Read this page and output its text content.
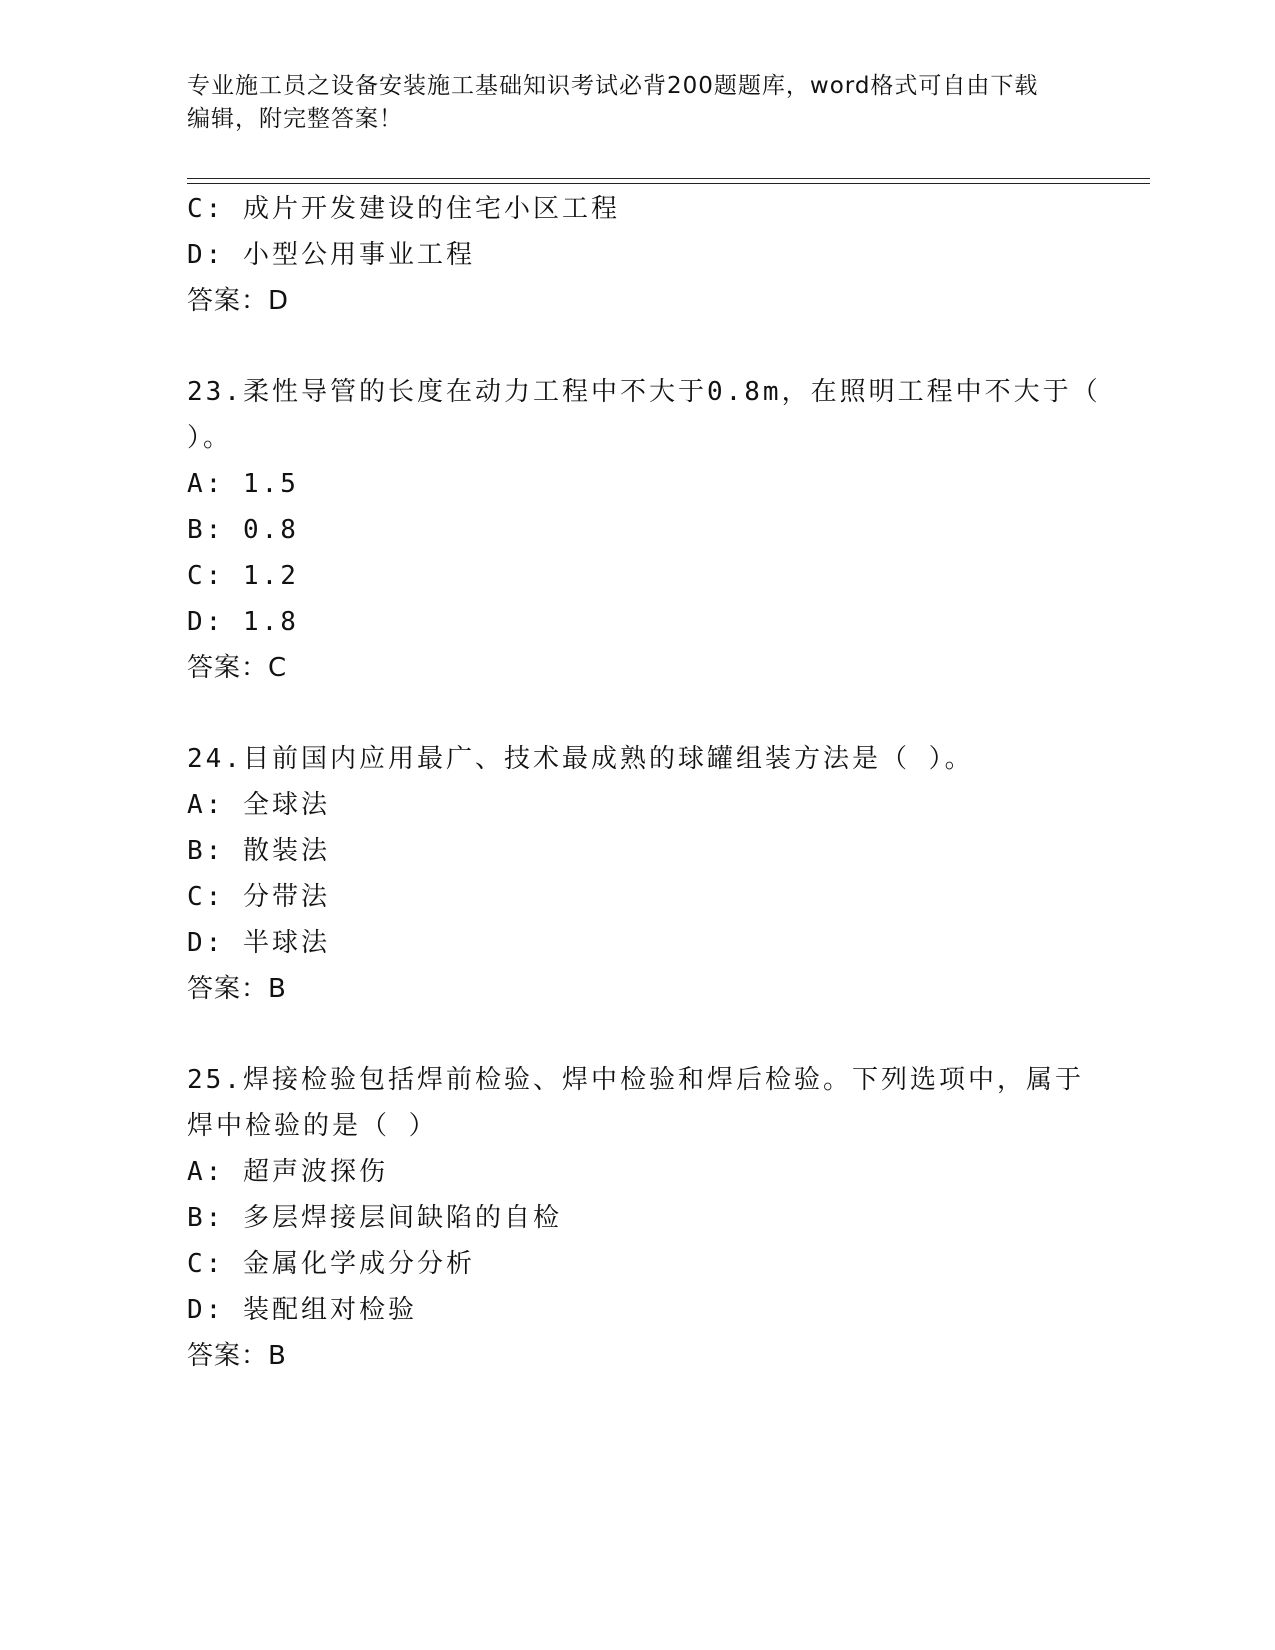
专业施工员之设备安装施工基础知识考试必背200题题库，word格式可自由下载
编辑，附完整答案！
C: 成片开发建设的住宅小区工程
D: 小型公用事业工程
答案：D
23.柔性导管的长度在动力工程中不大于0.8m，在照明工程中不大于（
）。
A: 1.5
B: 0.8
C: 1.2
D: 1.8
答案：C
24.目前国内应用最广、技术最成熟的球罐组装方法是（ ）。
A: 全球法
B: 散装法
C: 分带法
D: 半球法
答案：B
25.焊接检验包括焊前检验、焊中检验和焊后检验。下列选项中，属于
焊中检验的是（ ）
A: 超声波探伤
B: 多层焊接层间缺陷的自检
C: 金属化学成分分析
D: 装配组对检验
答案：B
